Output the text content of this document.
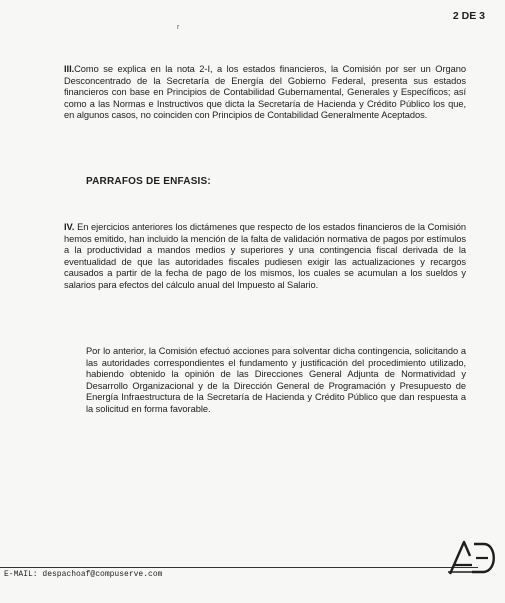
2 DE 3
r
III.Como se explica en la nota 2-I, a los estados financieros, la Comisión por ser un Organo Desconcentrado de la Secretaría de Energía del Gobierno Federal, presenta sus estados financieros con base en Principios de Contabilidad Gubernamental, Generales y Específicos; así como a las Normas e Instructivos que dicta la Secretaría de Hacienda y Crédito Público los que, en algunos casos, no coinciden con Principios de Contabilidad Generalmente Aceptados.
PARRAFOS DE ENFASIS:
IV. En ejercicios anteriores los dictámenes que respecto de los estados financieros de la Comisión hemos emitido, han incluido la mención de la falta de validación normativa de pagos por estímulos a la productividad a mandos medios y superiores y una contingencia fiscal derivada de la eventualidad de que las autoridades fiscales pudiesen exigir las actualizaciones y recargos causados a partir de la fecha de pago de los mismos, los cuales se acumulan a los sueldos y salarios para efectos del cálculo anual del Impuesto al Salario.
Por lo anterior, la Comisión efectuó acciones para solventar dicha contingencia, solicitando a las autoridades correspondientes el fundamento y justificación del procedimiento utilizado, habiendo obtenido la opinión de las Direcciones General Adjunta de Normatividad y Desarrollo Organizacional y de la Dirección General de Programación y Presupuesto de Energía Infraestructura de la Secretaría de Hacienda y Crédito Público que dan respuesta a la solicitud en forma favorable.
E-MAIL: despachoaf@compuserve.com
